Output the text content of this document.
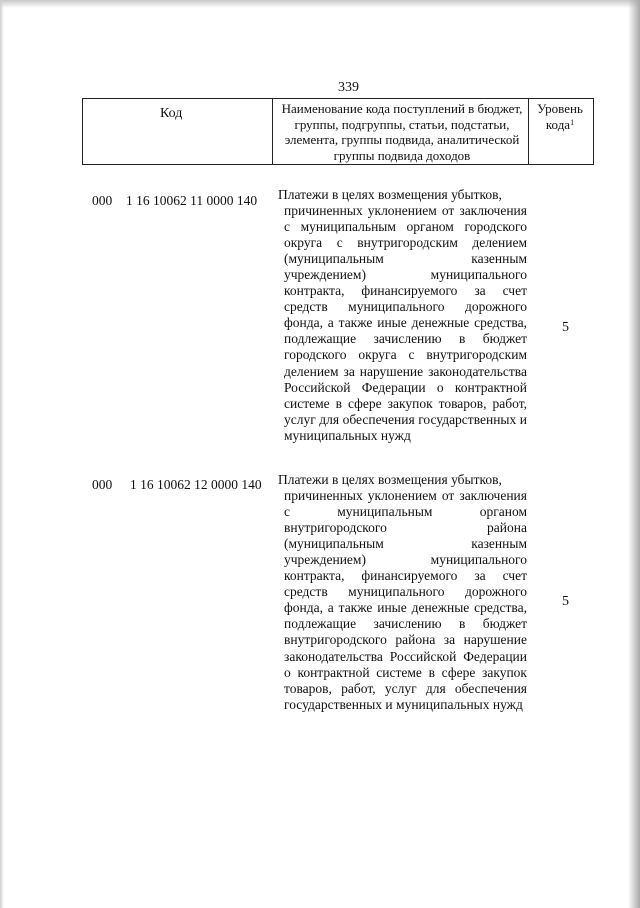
339
Код	Наименование кода поступлений в бюджет, группы, подгруппы, статьи, подстатьи, элемента, группы подвида, аналитической группы подвида доходов
Уровень кода$^1$
000 1 16 10062 11 0000 140 Платежи в целях возмещения убытков,
причиненных уклонением от заключения с муниципальным органом городского округа с внутригородским делением (муниципальным казенным учреждением) муниципального контракта, финансируемого за счет средств муниципального дорожного фонда, а также иные денежные средства, подлежащие зачислению в бюджет городского округа с внутригородским делением за нарушение законодательства Российской Федерации о контрактной системе в сфере закупок товаров, работ, услуг для обеспечения государственных и муниципальных нужд
5
000 1 16 10062 12 0000 140 Платежи в целях возмещения убытков,
причиненных уклонением от заключения с муниципальным органом внутригородского района (муниципальным казенным учреждением) муниципального контракта, финансируемого за счет средств муниципального дорожного фонда, а также иные денежные средства, подлежащие зачислению в бюджет внутригородского района за нарушение законодательства Российской Федерации о контрактной системе в сфере закупок товаров, работ, услуг для обеспечения государственных и муниципальных нужд
5
